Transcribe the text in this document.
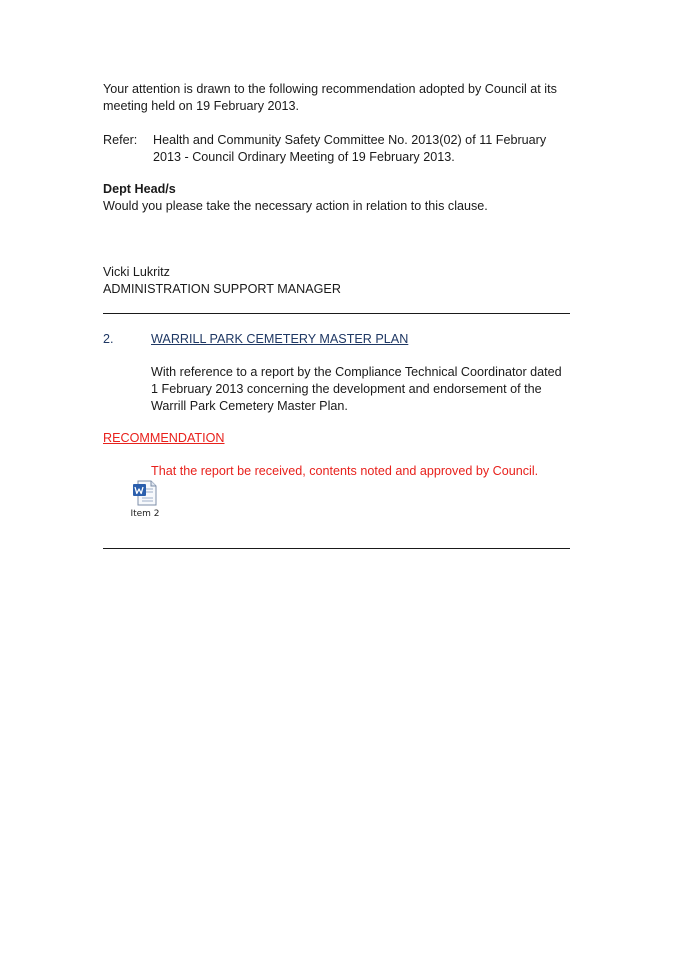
Your attention is drawn to the following recommendation adopted by Council at its
meeting held on 19 February 2013.
Refer: Health and Community Safety Committee No. 2013(02) of 11 February
2013 - Council Ordinary Meeting of 19 February 2013.
Dept Head/s
Would you please take the necessary action in relation to this clause.
Vicki Lukritz
ADMINISTRATION SUPPORT MANAGER
2.	WARRILL PARK CEMETERY MASTER PLAN
With reference to a report by the Compliance Technical Coordinator dated
1 February 2013 concerning the development and endorsement of the
Warrill Park Cemetery Master Plan.
RECOMMENDATION
That the report be received, contents noted and approved by Council.
Item 2
